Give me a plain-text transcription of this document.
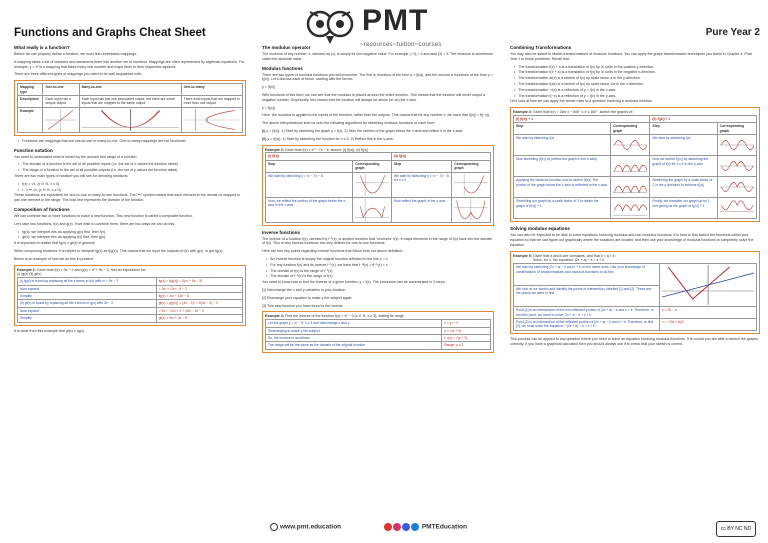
Functions and Graphs Cheat Sheet	Pure Year 2
PMT
~resources~tuition~courses
What really is a function?
Before we can properly define a function, we must first understand mappings.
A mapping takes a set of numbers and transforms them into another set of numbers. Mappings are often represented by algebraic equations. For example, y = x² is a mapping that takes every real number and maps them to their respective squares.
There are three different types of mappings you need to be well acquainted with:
Mapping type	One-to-one	Many-to-one	One-to-many
Description	Each input has a unique output	Each input has just one associated output, but there are some inputs that are mapped to the same output	There exist inputs that are mapped to more than one output
Example	

• Functions are mappings that are one-to-one or many-to-one. One-to-many mappings are not functions!
Function notation
You need to understand what is meant by the domain and range of a function.
• The domain of a function is the set of all possible inputs (i.e. the set of x values the function takes)
• The range of a function is the set of all possible outputs (i.e. the set of y values the function takes)
There are two main types of notation you will see for denoting functions:
• f(x) = √x, {x ∈ ℝ, x ≥ 0}
• f : x ↦ √x, {x ∈ ℝ, x ≥ 0}
These notations are equivalent for one-to-one or many-to-one functions. The "↦" symbol means that each element in the domain is mapped to just one element in the range. The bold text represents the domain of the function.
Composition of functions
We can combine two or more functions to make a new function. This new function is called a composite function.
Let's take two functions, f(x) and g(x). If we wish to combine them, there are two ways we can do this:
• fg(x): we interpret this as applying g(x) first, then f(x).
• gf(x): we interpret this as applying f(x) first, then g(x).
It is important to realise that fg(x) ≠ gf(x) in general.
When composing functions, it is helpful to interpret fg(x) as f(g(x)). This means that we input the outputs of f(x) with g(x), to get fg(x).
Below is an example of how we do this in practice:
Example 1: Given that f(x) = 3x − 2 and g(x) = x² + 5x − 2, find an expression for:
(i) fg(x) (ii) gf(x)
(i) fg(x) is found by replacing all the x terms in f(x) with x² + 5x − 2	fg(x) = f(g(x)) = 3(x² + 5x − 2)
Now expand	= 3x² + 15x − 6 − 2
Simplify	fg(x) = 3x² + 15x − 8
(ii) gf(x) is found by replacing all the x terms in g(x) with 3x − 2	gf(x) = g(f(x)) = (3x − 2)² + 5(3x − 2) − 2
Now expand	= 9x² − 12x + 4 + 15x − 10 − 2
Simplify	gf(x) = 9x² + 3x − 8
It is clear from this example that gf(x) ≠ fg(x).
The modulus operator
The modulus of any number, x, denoted as |x|, is simply its non-negative value. For example, |−3| = 3 and also |3| = 3. The modulus is sometimes called the absolute value.
Modulus functions
There are two types of modulus functions you will encounter. The first is functions of the form y = |f(x)|, and the second is functions of the form y = f(|x|). Let's discuss each of these, starting with the former.
y = |f(x)|
With functions of this form, we can see that the modulus is placed around the entire function. This means that the function will never output a negative number. Graphically, this means that the function will always be above (or on) the x-axis.
y = f(|x|)
Here, the modulus is applied to the inputs of the function, rather than the outputs. This means that for any number x, we have that f(|x|) = f(|−x|).
The above interpretations lead us onto the following algorithms for sketching modulus functions of each form:
(i) y = |f(x)|: 1) Start by sketching the graph y = f(x). 2) Take the section of the graph below the x-axis and reflect it in the x-axis.
(ii) y = f(|x|): 1) Start by sketching the function for x ≥ 0. 2) Reflect this in the y-axis.
Example 2: Given that f(x) = x² − 7x − 8, sketch: (i) |f(x)|, (ii) f(|x|)
(i) |f(x)|		(ii) f(|x|)	
Step	Corresponding graph	Step	Corresponding graph
We start by sketching y = x² − 7x − 8		We start by sketching y = x² − 7x − 8 for x ≥ 0	

Now, we reflect the portion of the graph below the x-axis in the x-axis		Now reflect the graph in the y-axis	
Inverse functions
The inverse of a function f(x), denoted by f⁻¹(x), is another function that "reverses" f(x). It maps elements in the range of f(x) back into the domain of f(x). This is why inverse functions are only defined for one-to-one functions.
Here are four key points regarding inverse functions that follow from our above definition:
• An inverse function is simply the original function reflected in the line y = x
• For any function f(x) and its inverse f⁻¹(x), we have that f⁻¹f(x) = ff⁻¹(x) = x
• The domain of f(x) is the range of f⁻¹(x)
• The domain of f⁻¹(x) is the range of f(x)
You need to know how to find the inverse of a given function, y = f(x). The procedure can be summarised in 3 steps:
[1] Interchange the x and y variables in your function
[2] Rearrange your equation to make y the subject again
[3] This new function you have found is the inverse
Example 3: Find the inverse of the function f(x) = x² − 9 {x ∈ ℝ, x ≥ 3}, stating its range
Let the graph y = x² − 9, x ≥ 3 and interchange x and y	x = y² − 9
Rearranging to make y the subject	y = √(x + 9)
So, the inverse is as follows	f⁻¹(x) = √(x + 9)
The range will be the same as the domain of the original function	Range: y ≥ 3
Combining Transformations
You may also be asked to sketch transformations of modulus functions. You can apply the graph transformation techniques you learnt in Chapter 4, Pure Year 1 to these problems. Recall that:
• The transformation f(x) + a is a translation of f(x) by 'a' units in the positive y-direction.
• The transformation f(x + a) is a translation of f(x) by 'a' units in the negative x-direction.
• The transformation af(x) is a stretch of f(x) by scale factor a in the y-direction.
• The transformation f(ax) is a stretch of f(x) by scale factor 1/a in the x-direction.
• The transformation −f(x) is a reflection of y = f(x) in the x-axis.
• The transformation f(−x) is a reflection of y = f(x) in the y-axis.
Let's look at how we can apply the above rules to a question involving a modulus function.
Example 4: Given that f(x) = 2sin x − 600° ≤ x ≤ 180°, sketch the graphs of:
(i) |f(x)| + 1		(ii) f(|x|) + 1	
Step	Corresponding graph	Step	Corresponding graph
We start by sketching f(x)		We start by sketching f(x)	

Now sketching |f(x)| by (reflect the graph in the x-axis)		Now we sketch f(|x|) by sketching the graph of f(x) for x ≥ 0 in the y-axis	

Applying the modulus function now to sketch |f(x)|. The portion of the graph below the x-axis is reflected in the x-axis		Stretching the graph by a scale factor of 2 in the y-direction to achieve f(|x|)	

Stretching our graph by a scale factor of 2 to obtain the graph of |f(x)| + 1		Finally, we translate our graph up by 1 unit giving us the graph of f(|x|) + 1	
Solving modulus equations
You can also be expected to be able to solve equations involving modulus and non-modulus functions. It is best to first sketch the functions within your equation so that we can figure out graphically where the solutions are located, and then use your knowledge of modulus functions to completely solve the equation.
Example 5: Given that a and k are constants, and that 0 < a < k:
Solve, for x, the equation: |2x + a| − k = x + k
We start by sketching |2x + a| − k and x + k on the same axes. Use your knowledge of combinations of transformations and modulus functions to do this	

We look at our sketch and identify the points of intersection, labelled [1] and [2]. These are the points we want to find	
Point [1] is an intersection of the non-reflected portion of |2x + a| − k and x + k. Therefore, to find this point, we need to solve: 2x + a − k = x + k	x = 2k − a
Point [2] is an intersection of the reflected portion of |2x + a| − k and x + k. Therefore, to find [2], we must solve the equation: −(2x + a) − k = x + k	x = −(2k + a)/3
This process can be applied to any question where you need to solve an equation involving modulus functions. It is crucial you are able to sketch the graphs correctly. If you have a graphical calculator then you should always use it to check that your sketch is correct.
www.pmt.education	PMTEducation	cc BY NC ND
